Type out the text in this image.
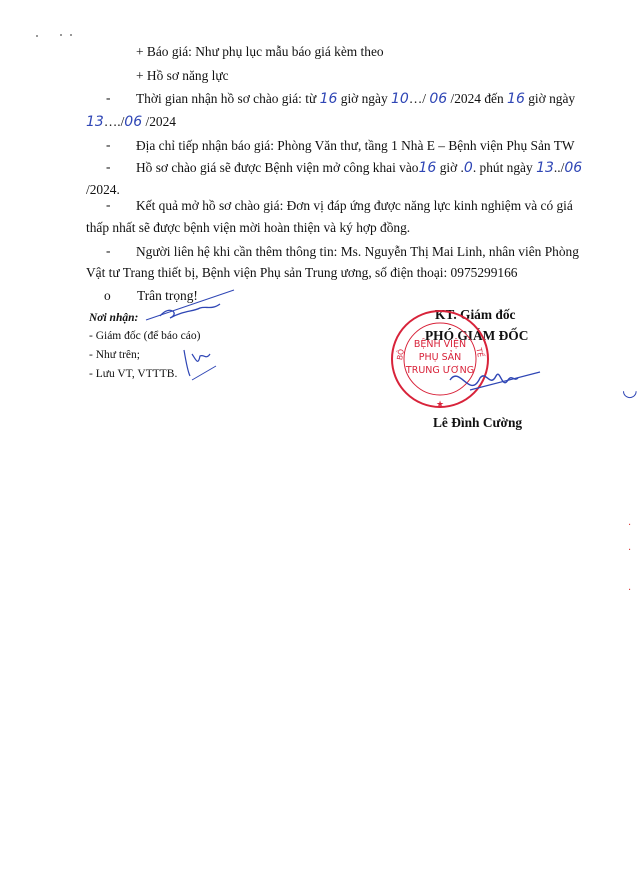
+ Báo giá: Như phụ lục mẫu báo giá kèm theo
+ Hồ sơ năng lực
- Thời gian nhận hồ sơ chào giá: từ 16 giờ ngày 10…/ 06 /2024 đến 16 giờ ngày
13…./06 /2024
- Địa chỉ tiếp nhận báo giá: Phòng Văn thư, tầng 1 Nhà E – Bệnh viện Phụ Sản TW
- Hồ sơ chào giá sẽ được Bệnh viện mở công khai vào16 giờ .0. phút ngày 13../06
/2024.
- Kết quả mở hồ sơ chào giá: Đơn vị đáp ứng được năng lực kinh nghiệm và có giá
thấp nhất sẽ được bệnh viện mời hoàn thiện và ký hợp đồng.
- Người liên hệ khi cần thêm thông tin: Ms. Nguyễn Thị Mai Linh, nhân viên Phòng
Vật tư Trang thiết bị, Bệnh viện Phụ sản Trung ương, số điện thoại: 0975299166
o Trân trọng!
Nơi nhận:
- Giám đốc (để báo cáo)
- Như trên;
- Lưu VT, VTTTB.
KT. Giám đốc
PHÓ GIÁM ĐỐC
★
BỘ	TẾ
BỆNH VIỆN
PHỤ SẢN
TRUNG ƯƠNG
Lê Đình Cường
◡
·
·
·
